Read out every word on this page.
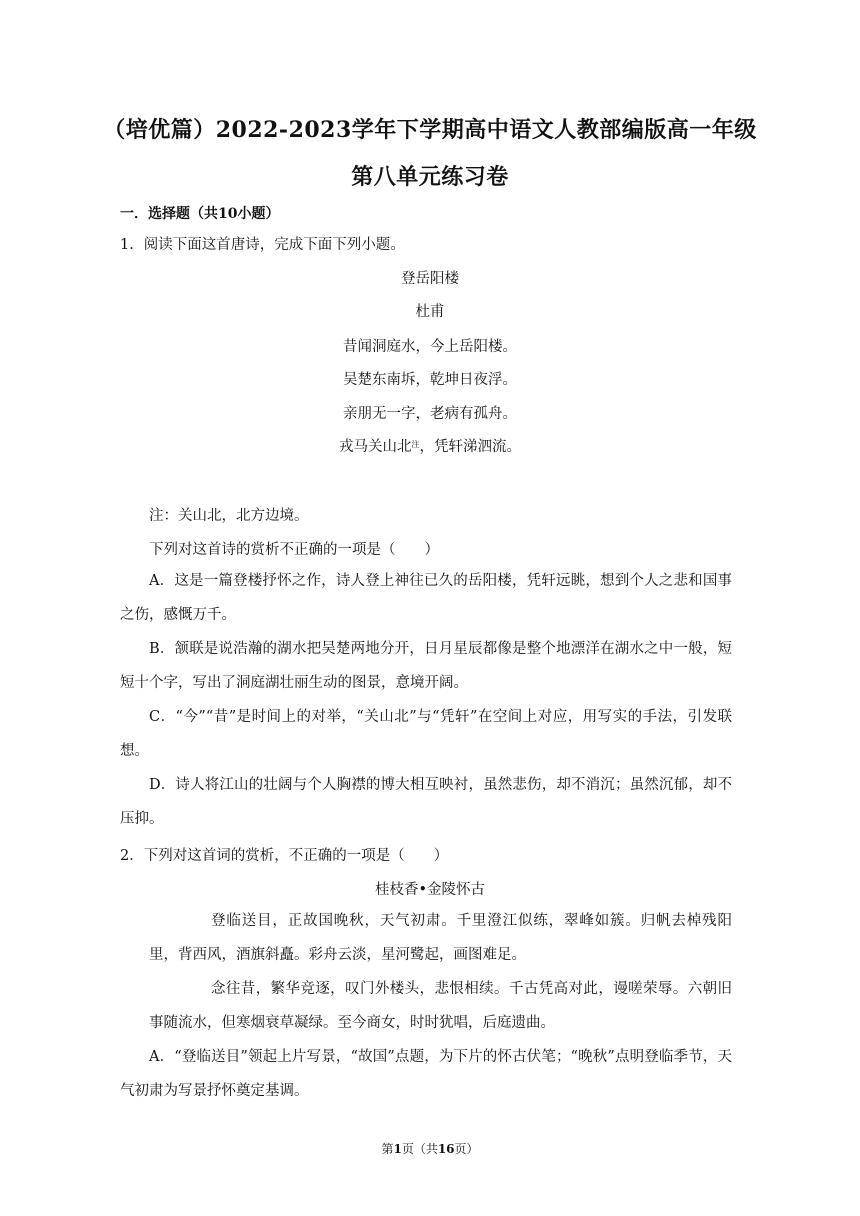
（培优篇）2022-2023学年下学期高中语文人教部编版高一年级
第八单元练习卷
一．选择题（共10小题）
1．阅读下面这首唐诗，完成下面下列小题。
登岳阳楼
杜甫
昔闻洞庭水，今上岳阳楼。
吴楚东南坼，乾坤日夜浮。
亲朋无一字，老病有孤舟。
戎马关山北$^注$，凭轩涕泗流。
注：关山北，北方边境。
下列对这首诗的赏析不正确的一项是（　　）
A．这是一篇登楼抒怀之作，诗人登上神往已久的岳阳楼，凭轩远眺，想到个人之悲和国事之伤，感慨万千。
B．颔联是说浩瀚的湖水把吴楚两地分开，日月星辰都像是整个地漂洋在湖水之中一般，短短十个字，写出了洞庭湖壮丽生动的图景，意境开阔。
C．“今”“昔”是时间上的对举，“关山北”与“凭轩”在空间上对应，用写实的手法，引发联想。
D．诗人将江山的壮阔与个人胸襟的博大相互映衬，虽然悲伤，却不消沉；虽然沉郁，却不压抑。
2．下列对这首词的赏析，不正确的一项是（　　）
桂枝香•金陵怀古
登临送目，正故国晚秋，天气初肃。千里澄江似练，翠峰如簇。归帆去棹残阳里，背西风，酒旗斜矗。彩舟云淡，星河鹭起，画图难足。
念往昔，繁华竞逐，叹门外楼头，悲恨相续。千古凭高对此，谩嗟荣辱。六朝旧事随流水，但寒烟衰草凝绿。至今商女，时时犹唱，后庭遗曲。
A．“登临送目”领起上片写景，“故国”点题，为下片的怀古伏笔；“晚秋”点明登临季节，天气初肃为写景抒怀奠定基调。
第1页（共16页）
